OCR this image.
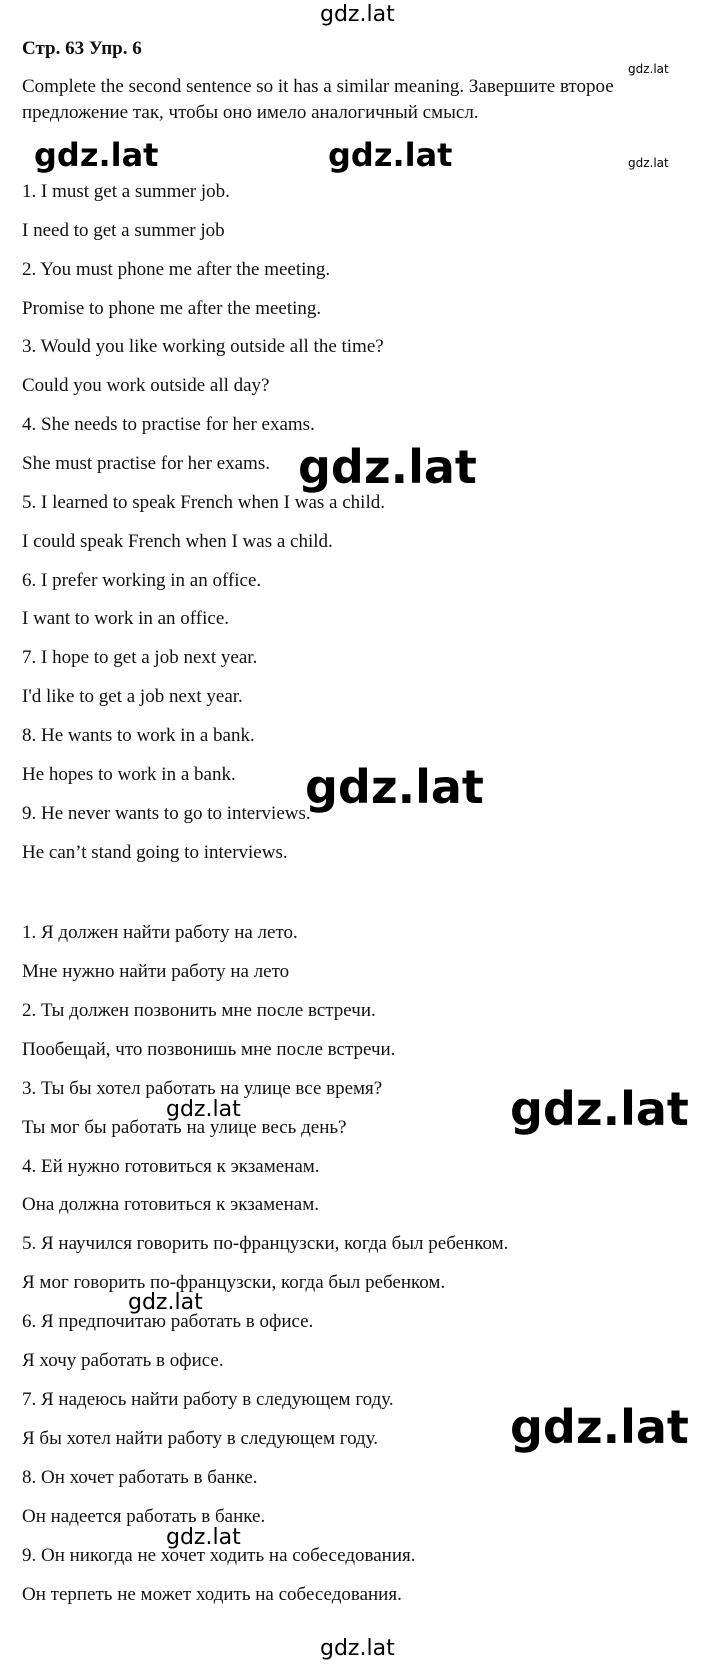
Стр. 63 Упр. 6
Complete the second sentence so it has a similar meaning. Завершите второе предложение так, чтобы оно имело аналогичный смысл.
1. I must get a summer job.
I need to get a summer job
2. You must phone me after the meeting.
Promise to phone me after the meeting.
3. Would you like working outside all the time?
Could you work outside all day?
4. She needs to practise for her exams.
She must practise for her exams.
5. I learned to speak French when I was a child.
I could speak French when I was a child.
6. I prefer working in an office.
I want to work in an office.
7. I hope to get a job next year.
I'd like to get a job next year.
8. He wants to work in a bank.
He hopes to work in a bank.
9. He never wants to go to interviews.
He can’t stand going to interviews.
1. Я должен найти работу на лето.
Мне нужно найти работу на лето
2. Ты должен позвонить мне после встречи.
Пообещай, что позвонишь мне после встречи.
3. Ты бы хотел работать на улице все время?
Ты мог бы работать на улице весь день?
4. Ей нужно готовиться к экзаменам.
Она должна готовиться к экзаменам.
5. Я научился говорить по-французски, когда был ребенком.
Я мог говорить по-французски, когда был ребенком.
6. Я предпочитаю работать в офисе.
Я хочу работать в офисе.
7. Я надеюсь найти работу в следующем году.
Я бы хотел найти работу в следующем году.
8. Он хочет работать в банке.
Он надеется работать в банке.
9. Он никогда не хочет ходить на собеседования.
Он терпеть не может ходить на собеседования.
gdz.lat
gdz.lat
gdz.lat	gdz.lat	gdz.lat
gdz.lat
gdz.lat
gdz.lat	gdz.lat
gdz.lat
gdz.lat
gdz.lat
gdz.lat
